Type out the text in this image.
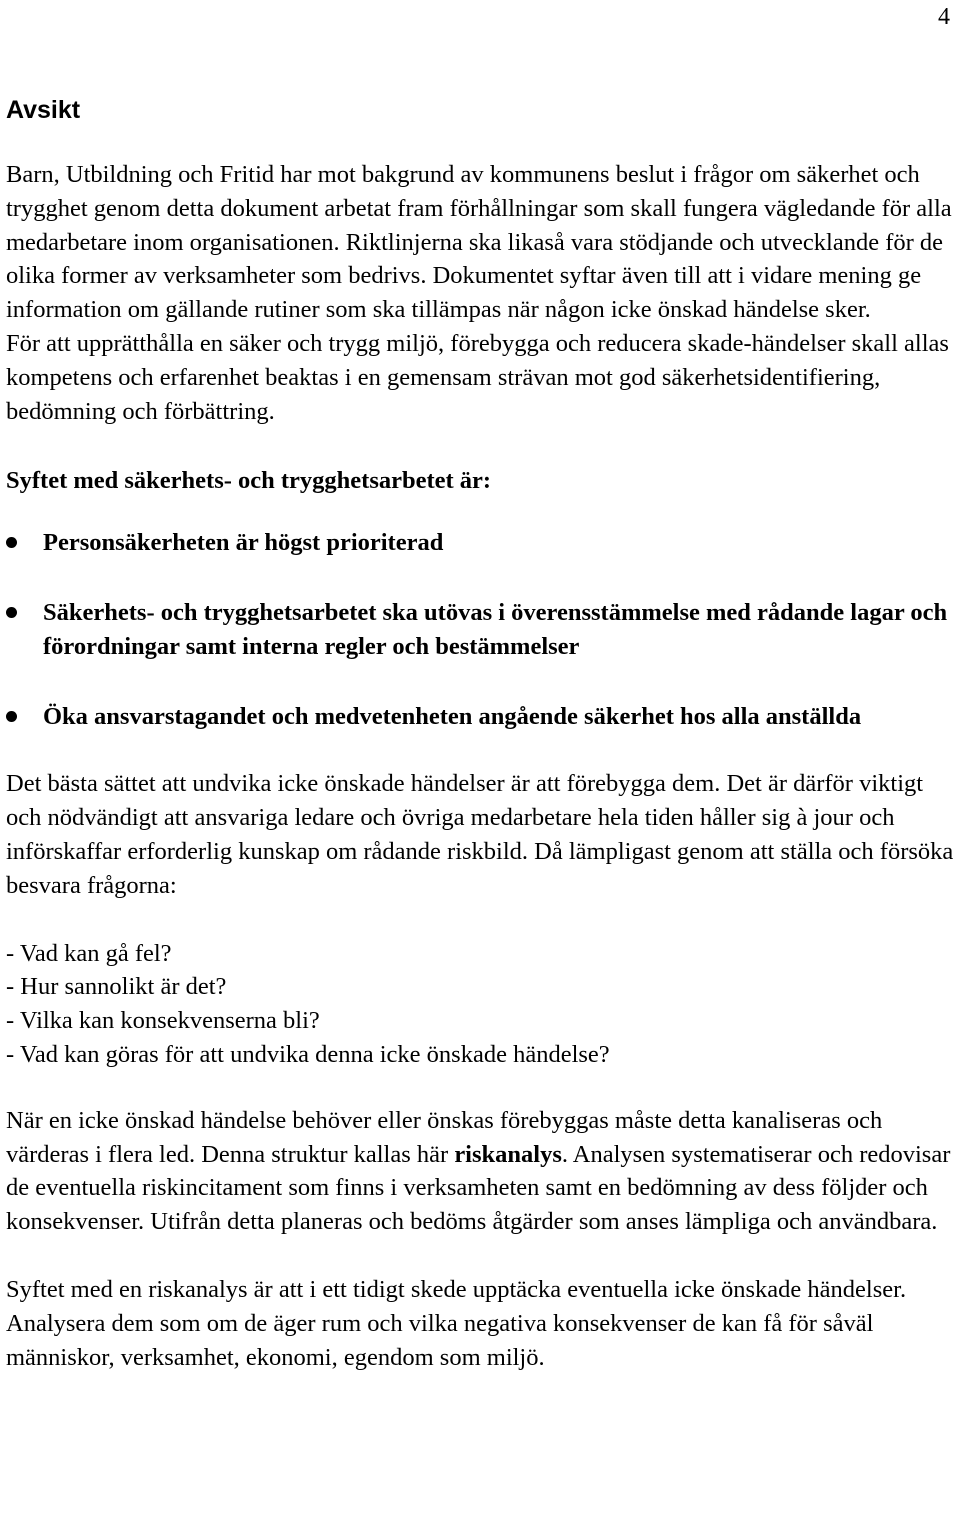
4
Avsikt

Barn, Utbildning och Fritid har mot bakgrund av kommunens beslut i frågor om säkerhet och trygghet genom detta dokument arbetat fram förhållningar som skall fungera vägledande för alla medarbetare inom organisationen. Riktlinjerna ska likaså vara stödjande och utvecklande för de olika former av verksamheter som bedrivs. Dokumentet syftar även till att i vidare mening ge information om gällande rutiner som ska tillämpas när någon icke önskad händelse sker.

För att upprätthålla en säker och trygg miljö, förebygga och reducera skade-händelser skall allas kompetens och erfarenhet beaktas i en gemensam strävan mot god säkerhetsidentifiering, bedömning och förbättring.

Syftet med säkerhets- och trygghetsarbetet är:

Personsäkerheten är högst prioriterad
Säkerhets- och trygghetsarbetet ska utövas i överensstämmelse med rådande lagar och förordningar samt interna regler och bestämmelser
Öka ansvarstagandet och medvetenheten angående säkerhet hos alla anställda

Det bästa sättet att undvika icke önskade händelser är att förebygga dem. Det är därför viktigt och nödvändigt att ansvariga ledare och övriga medarbetare hela tiden håller sig à jour och införskaffar erforderlig kunskap om rådande riskbild. Då lämpligast genom att ställa och försöka besvara frågorna:

- Vad kan gå fel?

- Hur sannolikt är det?

- Vilka kan konsekvenserna bli?

- Vad kan göras för att undvika denna icke önskade händelse?

När en icke önskad händelse behöver eller önskas förebyggas måste detta kanaliseras och värderas i flera led. Denna struktur kallas här riskanalys. Analysen systematiserar och redovisar de eventuella riskincitament som finns i verksamheten samt en bedömning av dess följder och konsekvenser. Utifrån detta planeras och bedöms åtgärder som anses lämpliga och användbara.

Syftet med en riskanalys är att i ett tidigt skede upptäcka eventuella icke önskade händelser. Analysera dem som om de äger rum och vilka negativa konsekvenser de kan få för såväl människor, verksamhet, ekonomi, egendom som miljö.
